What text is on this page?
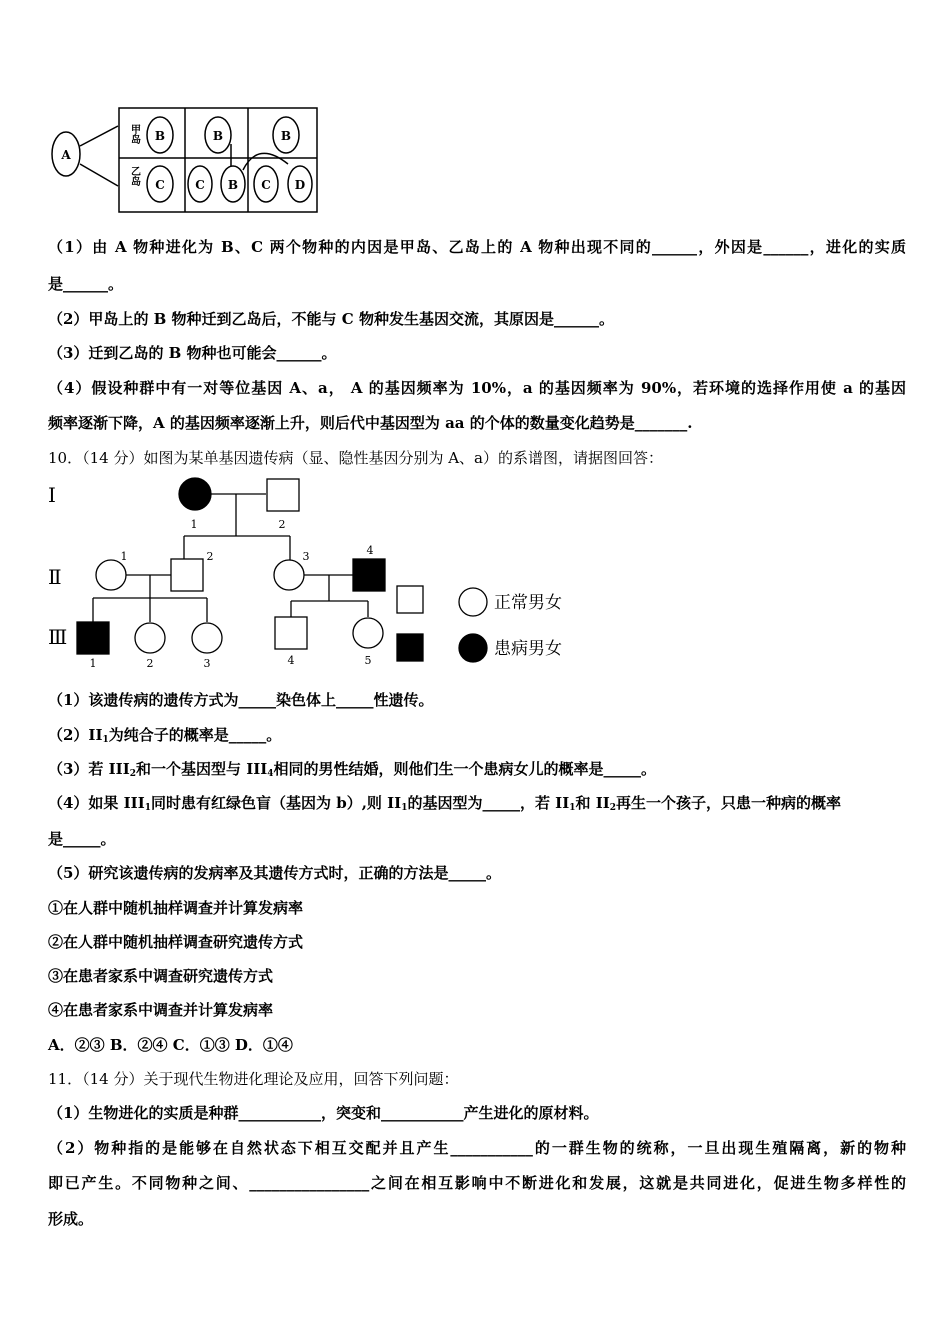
A
甲岛
乙岛
B	B	B
C	C B C D
Ⅰ
Ⅱ
Ⅲ
1	2
1	2	3	4
1	2	3	4	5
正常男女
患病男女
（1）由 A 物种进化为 B、C 两个物种的内因是甲岛、乙岛上的 A 物种出现不同的______，外因是______，进化的实质
是______。
（2）甲岛上的 B 物种迁到乙岛后，不能与 C 物种发生基因交流，其原因是______。
（3）迁到乙岛的 B 物种也可能会______。
（4）假设种群中有一对等位基因 A、a， A 的基因频率为 10%，a 的基因频率为 90%，若环境的选择作用使 a 的基因
频率逐渐下降，A 的基因频率逐渐上升，则后代中基因型为 aa 的个体的数量变化趋势是_______.
10．（14 分）如图为某单基因遗传病（显、隐性基因分别为 A、a）的系谱图，请据图回答：
（1）该遗传病的遗传方式为_____染色体上_____性遗传。
$(2)II_1$为纯合子的概率是_____。
（3）若 $III_2$和一个基因型与 $III_4$相同的男性结婚，则他们生一个患病女儿的概率是_____。
（4）如果 $III_1$同时患有红绿色盲（基因为 b）,则 $II_1$的基因型为_____，若 $II_1$和 $II_2$再生一个孩子，只患一种病的概率
是_____。
（5）研究该遗传病的发病率及其遗传方式时，正确的方法是_____。
①在人群中随机抽样调查并计算发病率
②在人群中随机抽样调查研究遗传方式
③在患者家系中调查研究遗传方式
④在患者家系中调查并计算发病率
A．②③ B．②④ C．①③ D．①④
11．（14 分）关于现代生物进化理论及应用，回答下列问题：
（1）生物进化的实质是种群___________，突变和___________产生进化的原材料。
（2）物种指的是能够在自然状态下相互交配并且产生___________的一群生物的统称，一旦出现生殖隔离，新的物种
即已产生。不同物种之间、________________之间在相互影响中不断进化和发展，这就是共同进化，促进生物多样性的
形成。
